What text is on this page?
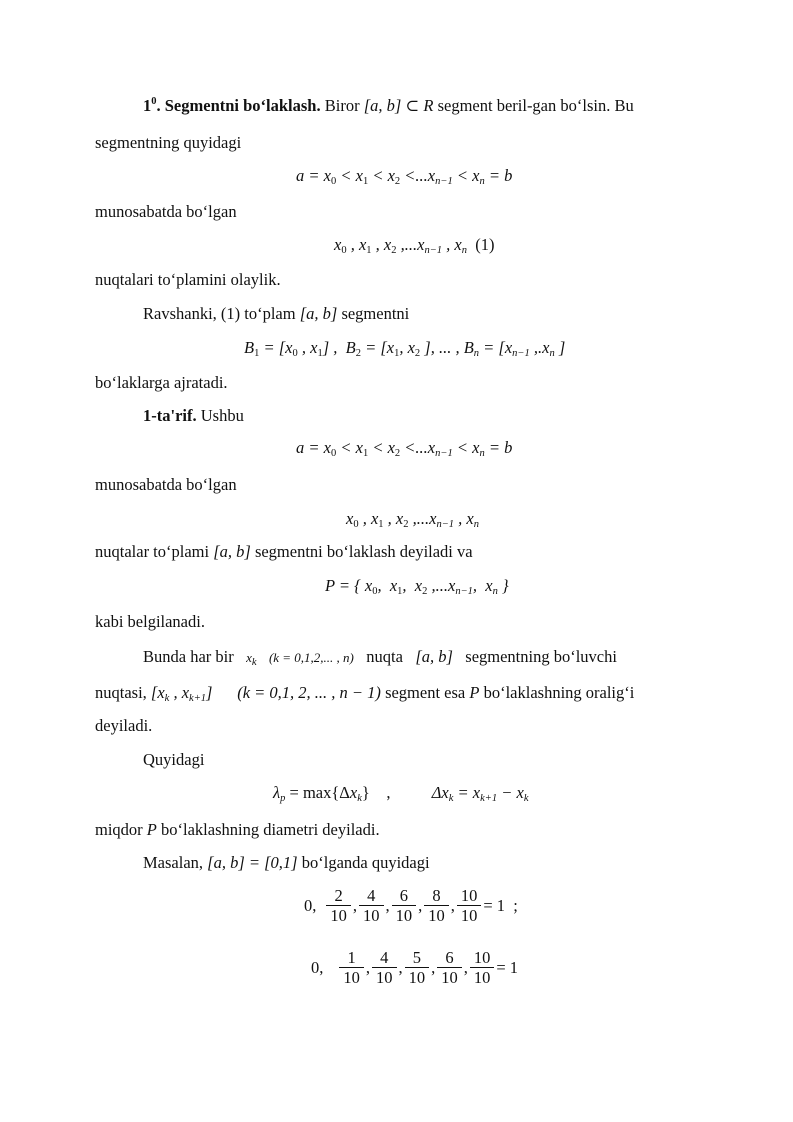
$1^0$. Segmentni bo‘laklash. Biror [a, b] ⊂ R segment beril-gan bo‘lsin. Bu
segmentning quyidagi
$a = x_0 < x_1 < x_2 <...x_{n-1} < x_n = b$
munosabatda bo‘lgan
$x_0$ , $x_1$ , $x_2$ $,...x_{n-1}$ , $x_n$ (1)
nuqtalari to‘plamini olaylik.
Ravshanki, (1) to‘plam [a, b] segmentni
$B_1 = [x_0$ , $x_1$] ,  $B_2 = [x_1$, $x_2$ ], ... , $B_n = [x_{n-1}$ $,.x_n$ ]
bo‘laklarga ajratadi.
1-ta'rif. Ushbu
$a = x_0 < x_1 < x_2 <...x_{n-1} < x_n = b$
munosabatda bo‘lgan
$x_0$ , $x_1$ , $x_2$ $,...x_{n-1}$ , $x_n$
nuqtalar to‘plami [a, b] segmentni bo‘laklash deyiladi va
P = { $x_0$,  $x_1$,  $x_2$ $,...x_{n-1}$,  $x_n$ }
kabi belgilanadi.
Bunda har bir $x_k$ (k = 0,1,2,... , n) nuqta [a, b] segmentning bo‘luvchi
nuqtasi, [$x_k$ , $x_{k+1}$] (k = 0,1, 2, ... , n − 1) segment esa P bo‘laklashning oralig‘i
deyiladi.
Quyidagi
$\lambda_p = \max\{\Delta x_k\}$ ,	$\Delta x_k = x_{k+1} - x_k$
miqdor P bo‘laklashning diametri deyiladi.
Masalan, [a, b] = [0,1] bo‘lganda quyidagi
0,	2
10
, 4
10
, 6
10
, 8
10
, $\frac{10}{10} = 1$  ;
0,	1
10
, 4
10
, 5
10
, 6
10
, $\frac{10}{10} = 1$
